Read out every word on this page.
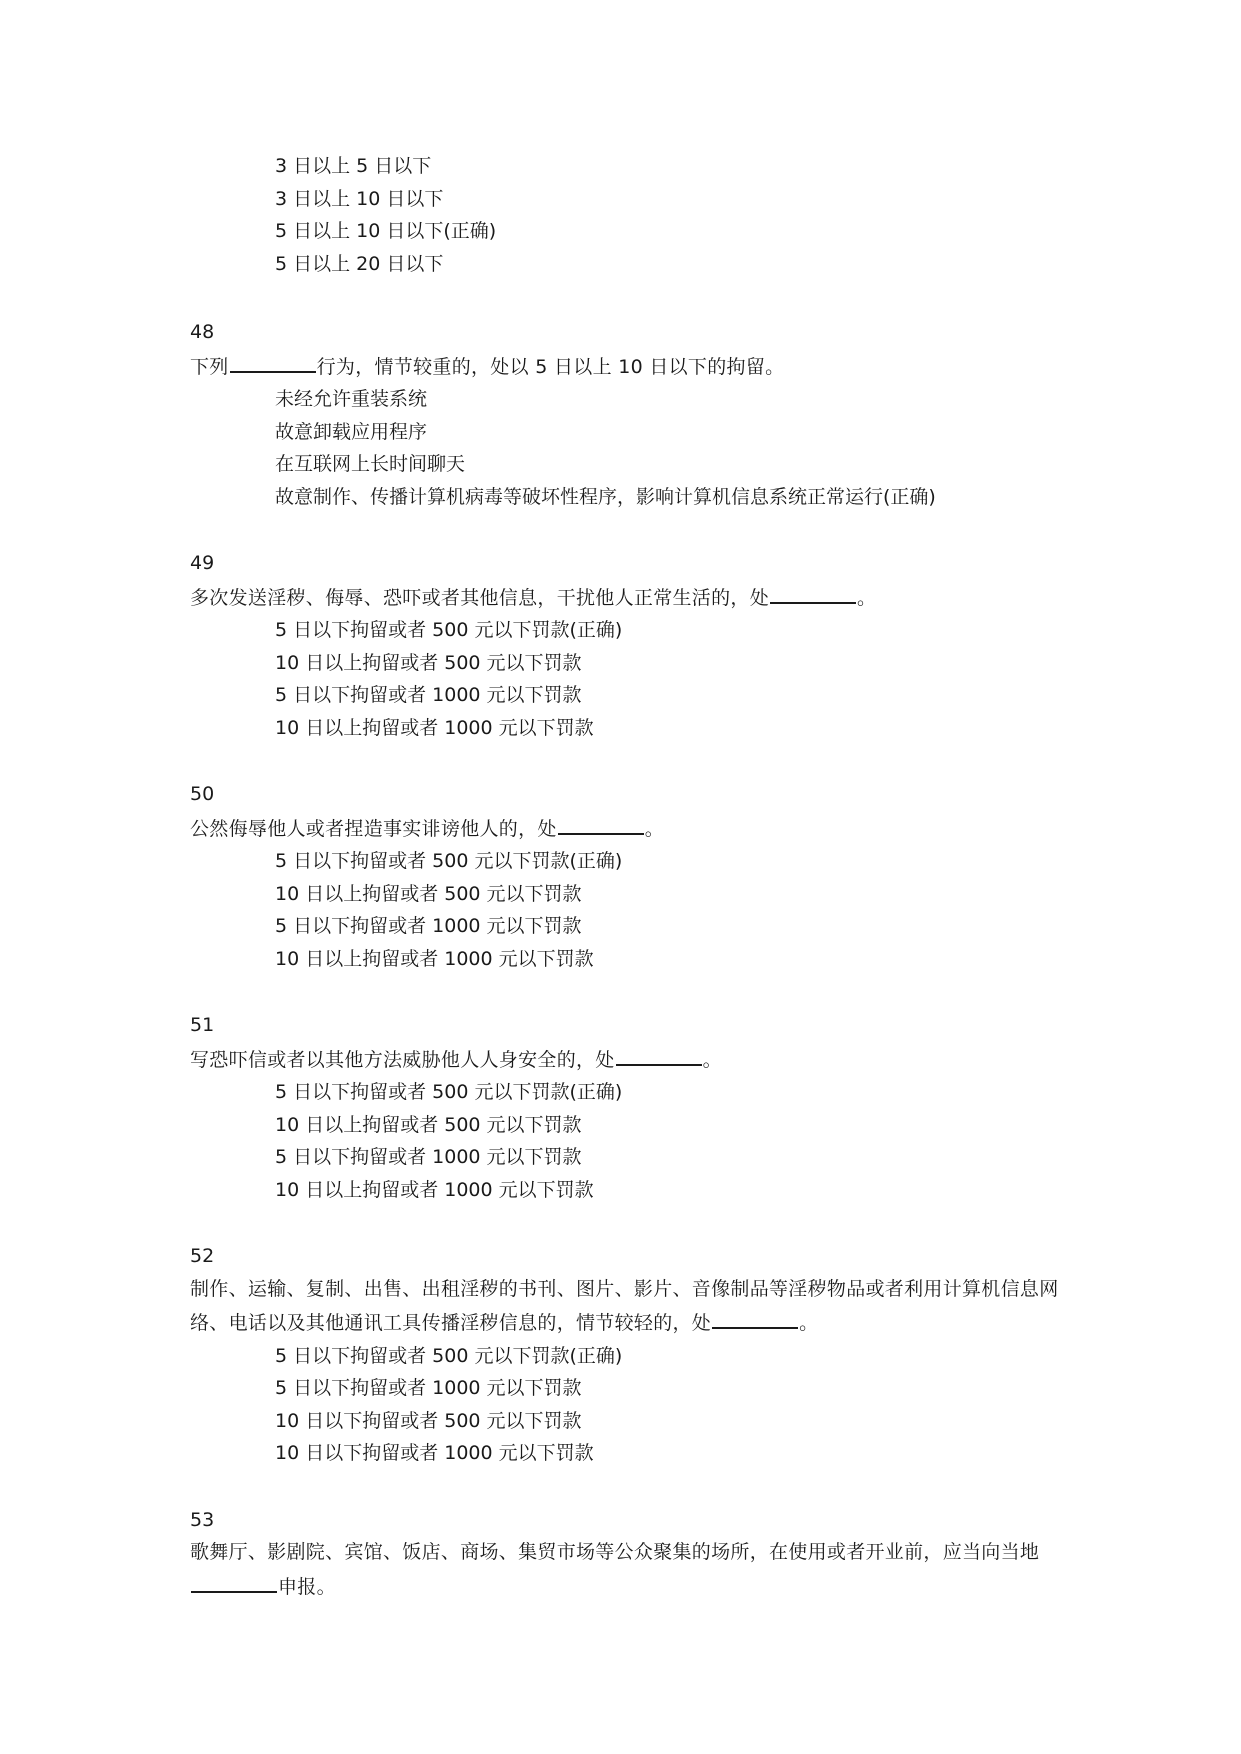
3 日以上 5 日以下
3 日以上 10 日以下
5 日以上 10 日以下(正确)
5 日以上 20 日以下
48
下列	行为，情节较重的，处以 5 日以上 10 日以下的拘留。
未经允许重装系统
故意卸载应用程序
在互联网上长时间聊天
故意制作、传播计算机病毒等破坏性程序，影响计算机信息系统正常运行(正确)
49
多次发送淫秽、侮辱、恐吓或者其他信息，干扰他人正常生活的，处	。
5 日以下拘留或者 500 元以下罚款(正确)
10 日以上拘留或者 500 元以下罚款
5 日以下拘留或者 1000 元以下罚款
10 日以上拘留或者 1000 元以下罚款
50
公然侮辱他人或者捏造事实诽谤他人的，处	。
5 日以下拘留或者 500 元以下罚款(正确)
10 日以上拘留或者 500 元以下罚款
5 日以下拘留或者 1000 元以下罚款
10 日以上拘留或者 1000 元以下罚款
51
写恐吓信或者以其他方法威胁他人人身安全的，处	。
5 日以下拘留或者 500 元以下罚款(正确)
10 日以上拘留或者 500 元以下罚款
5 日以下拘留或者 1000 元以下罚款
10 日以上拘留或者 1000 元以下罚款
52
制作、运输、复制、出售、出租淫秽的书刊、图片、影片、音像制品等淫秽物品或者利用计算机信息网络、电话以及其他通讯工具传播淫秽信息的，情节较轻的，处	。
5 日以下拘留或者 500 元以下罚款(正确)
5 日以下拘留或者 1000 元以下罚款
10 日以下拘留或者 500 元以下罚款
10 日以下拘留或者 1000 元以下罚款
53
歌舞厅、影剧院、宾馆、饭店、商场、集贸市场等公众聚集的场所，在使用或者开业前，应当向当地申报。
